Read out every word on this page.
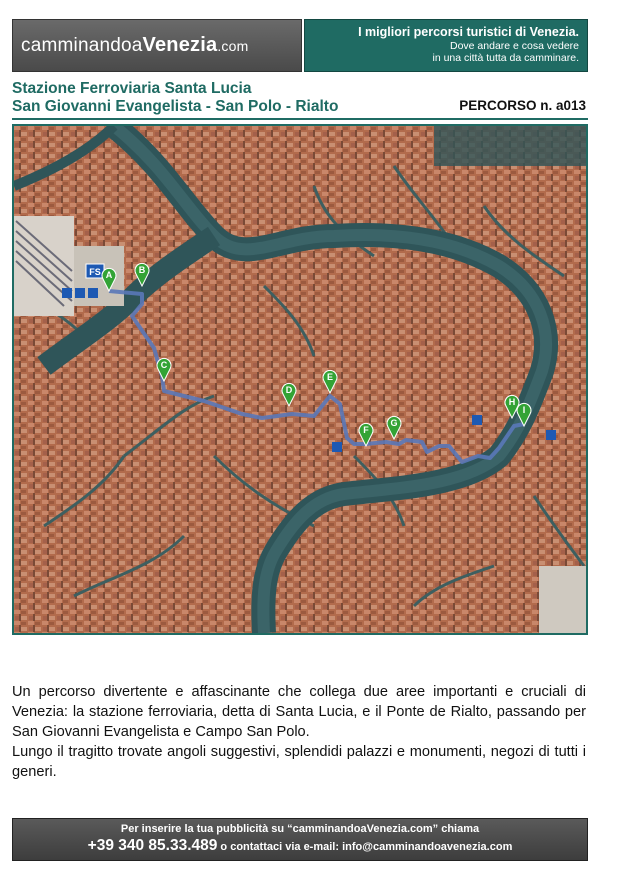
camminandoaVenezia.com
I migliori percorsi turistici di Venezia.
Dove andare e cosa vedere
in una città tutta da camminare.
Stazione Ferroviaria Santa Lucia
San Giovanni Evangelista - San Polo - Rialto	PERCORSO n. a013
FS A	B
C
D
E
F
G
H
I

Un percorso divertente e affascinante che collega due aree importanti e cruciali di Venezia: la stazione ferroviaria, detta di Santa Lucia, e il Ponte de Rialto, passando per San Giovanni Evangelista e Campo San Polo.

Lungo il tragitto trovate angoli suggestivi, splendidi palazzi e monumenti, negozi di tutti i generi.

Per inserire la tua pubblicità su “camminandoaVenezia.com” chiama
+39 340 85.33.489 o contattaci via e-mail: info@camminandoavenezia.com
